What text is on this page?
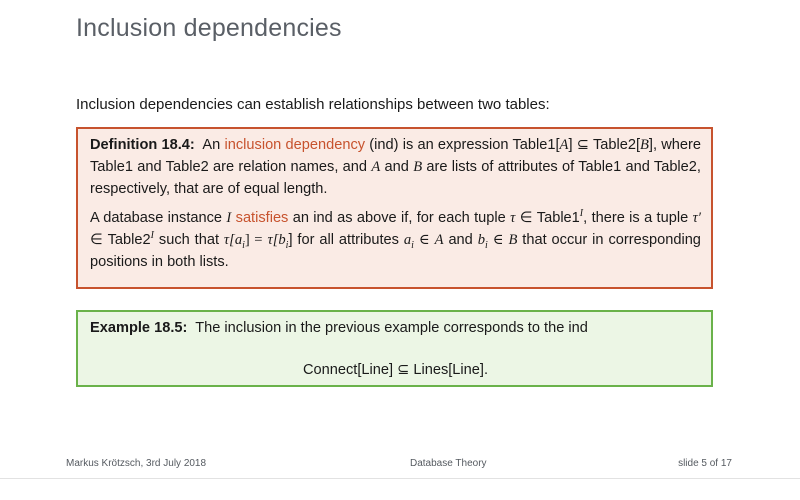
Inclusion dependencies
Inclusion dependencies can establish relationships between two tables:

Definition 18.4: An inclusion dependency (ind) is an expression Table1[A] ⊆ Table2[B], where Table1 and Table2 are relation names, and A and B are lists of attributes of Table1 and Table2, respectively, that are of equal length.

A database instance I satisfies an ind as above if, for each tuple τ ∈ $Table1^I$, there is a tuple τ′ ∈ $Table2^I$ such that $\tau[a_i] = \tau[b_i]$ for all attributes $a_i$ ∈ A and $b_i$ ∈ B that occur in corresponding positions in both lists.

Example 18.5: The inclusion in the previous example corresponds to the ind

Connect[Line] ⊆ Lines[Line].

Markus Krötzsch, 3rd July 2018	Database Theory	slide 5 of 17
